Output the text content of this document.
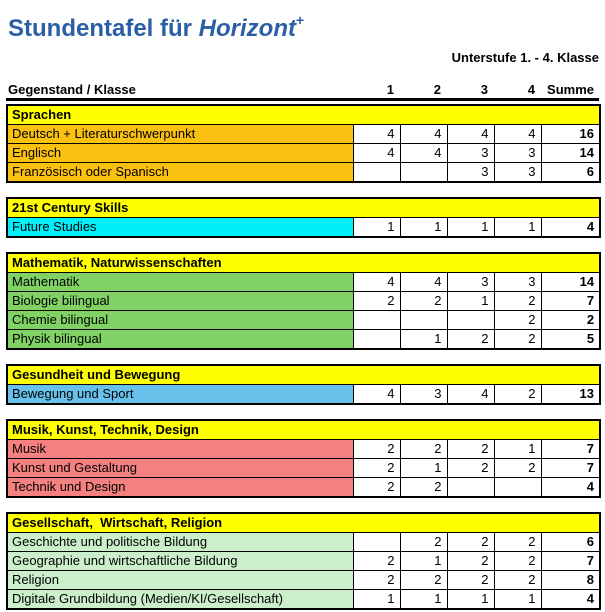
Stundentafel für Horizont+
Unterstufe 1. - 4. Klasse
Gegenstand / Klasse	1	2	3	4	Summe
Sprachen					
Deutsch + Literaturschwerpunkt	4	4	4	4	16
Englisch	4	4	3	3	14
Französisch oder Spanisch			3	3	6
21st Century Skills
Future Studies	1	1	1	1	4
Mathematik, Naturwissenschaften					
Mathematik	4	4	3	3	14
Biologie bilingual	2	2	1	2	7
Chemie bilingual				2	2
Physik bilingual		1	2	2	5
Gesundheit und Bewegung
Bewegung und Sport	4	3	4	2	13
Musik, Kunst, Technik, Design					
Musik	2	2	2	1	7
Kunst und Gestaltung	2	1	2	2	7
Technik und Design	2	2			4
Gesellschaft,  Wirtschaft, Religion					
Geschichte und politische Bildung		2	2	2	6
Geographie und wirtschaftliche Bildung	2	1	2	2	7
Religion	2	2	2	2	8
Digitale Grundbildung (Medien/KI/Gesellschaft)	1	1	1	1	4
